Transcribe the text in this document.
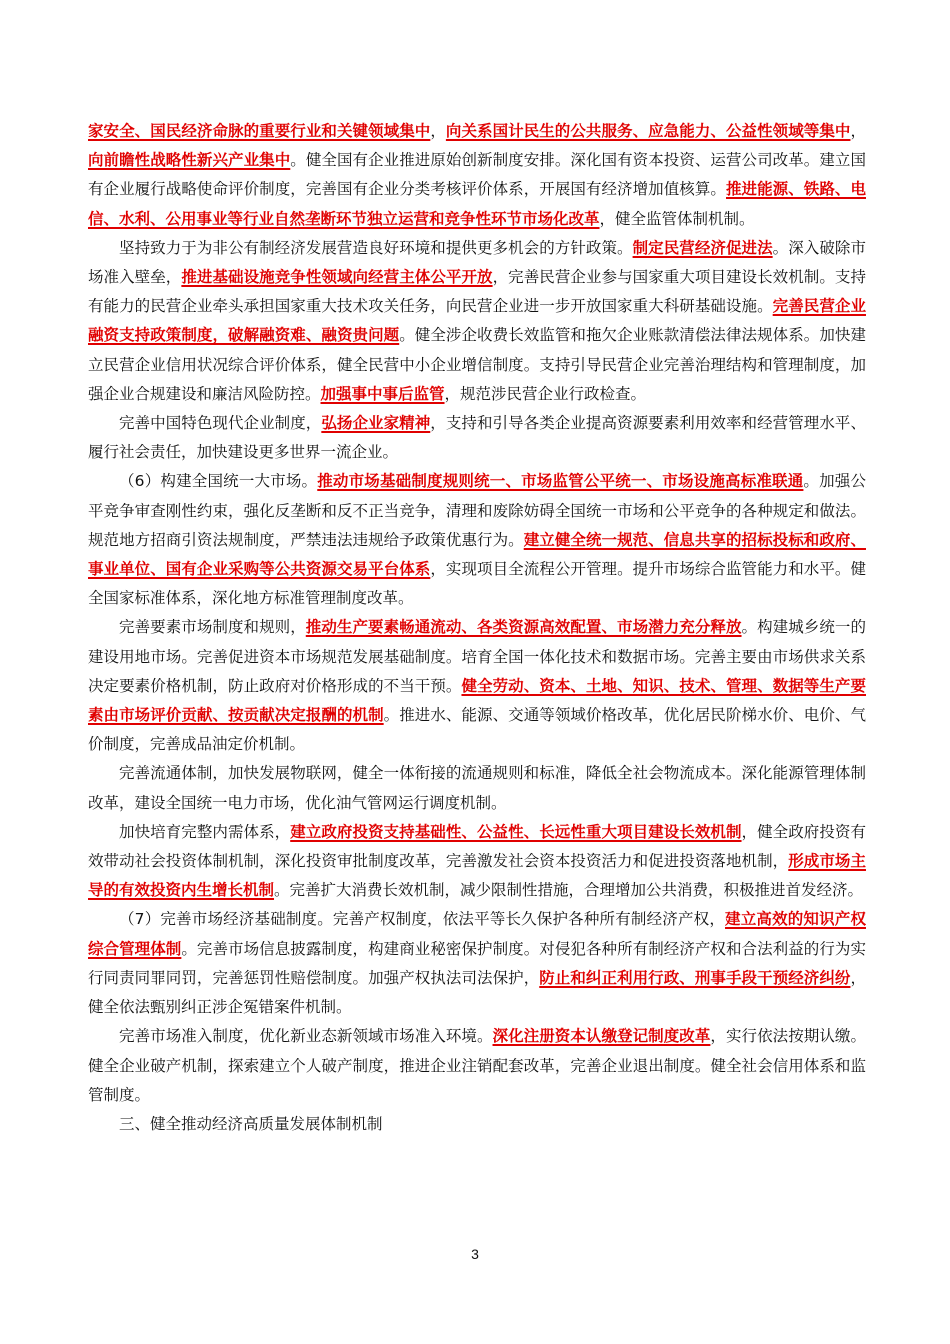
家安全、国民经济命脉的重要行业和关键领域集中，向关系国计民生的公共服务、应急能力、公益性领域等集中，向前瞻性战略性新兴产业集中。健全国有企业推进原始创新制度安排。深化国有资本投资、运营公司改革。建立国有企业履行战略使命评价制度，完善国有企业分类考核评价体系，开展国有经济增加值核算。推进能源、铁路、电信、水利、公用事业等行业自然垄断环节独立运营和竞争性环节市场化改革，健全监管体制机制。

坚持致力于为非公有制经济发展营造良好环境和提供更多机会的方针政策。制定民营经济促进法。深入破除市场准入壁垒，推进基础设施竞争性领域向经营主体公平开放，完善民营企业参与国家重大项目建设长效机制。支持有能力的民营企业牵头承担国家重大技术攻关任务，向民营企业进一步开放国家重大科研基础设施。完善民营企业融资支持政策制度，破解融资难、融资贵问题。健全涉企收费长效监管和拖欠企业账款清偿法律法规体系。加快建立民营企业信用状况综合评价体系，健全民营中小企业增信制度。支持引导民营企业完善治理结构和管理制度，加强企业合规建设和廉洁风险防控。加强事中事后监管，规范涉民营企业行政检查。

完善中国特色现代企业制度，弘扬企业家精神，支持和引导各类企业提高资源要素利用效率和经营管理水平、履行社会责任，加快建设更多世界一流企业。

（6）构建全国统一大市场。推动市场基础制度规则统一、市场监管公平统一、市场设施高标准联通。加强公平竞争审查刚性约束，强化反垄断和反不正当竞争，清理和废除妨碍全国统一市场和公平竞争的各种规定和做法。规范地方招商引资法规制度，严禁违法违规给予政策优惠行为。建立健全统一规范、信息共享的招标投标和政府、事业单位、国有企业采购等公共资源交易平台体系，实现项目全流程公开管理。提升市场综合监管能力和水平。健全国家标准体系，深化地方标准管理制度改革。

完善要素市场制度和规则，推动生产要素畅通流动、各类资源高效配置、市场潜力充分释放。构建城乡统一的建设用地市场。完善促进资本市场规范发展基础制度。培育全国一体化技术和数据市场。完善主要由市场供求关系决定要素价格机制，防止政府对价格形成的不当干预。健全劳动、资本、土地、知识、技术、管理、数据等生产要素由市场评价贡献、按贡献决定报酬的机制。推进水、能源、交通等领域价格改革，优化居民阶梯水价、电价、气价制度，完善成品油定价机制。

完善流通体制，加快发展物联网，健全一体衔接的流通规则和标准，降低全社会物流成本。深化能源管理体制改革，建设全国统一电力市场，优化油气管网运行调度机制。

加快培育完整内需体系，建立政府投资支持基础性、公益性、长远性重大项目建设长效机制，健全政府投资有效带动社会投资体制机制，深化投资审批制度改革，完善激发社会资本投资活力和促进投资落地机制，形成市场主导的有效投资内生增长机制。完善扩大消费长效机制，减少限制性措施，合理增加公共消费，积极推进首发经济。

（7）完善市场经济基础制度。完善产权制度，依法平等长久保护各种所有制经济产权，建立高效的知识产权综合管理体制。完善市场信息披露制度，构建商业秘密保护制度。对侵犯各种所有制经济产权和合法利益的行为实行同责同罪同罚，完善惩罚性赔偿制度。加强产权执法司法保护，防止和纠正利用行政、刑事手段干预经济纠纷，健全依法甄别纠正涉企冤错案件机制。

完善市场准入制度，优化新业态新领域市场准入环境。深化注册资本认缴登记制度改革，实行依法按期认缴。健全企业破产机制，探索建立个人破产制度，推进企业注销配套改革，完善企业退出制度。健全社会信用体系和监管制度。

三、健全推动经济高质量发展体制机制

3
